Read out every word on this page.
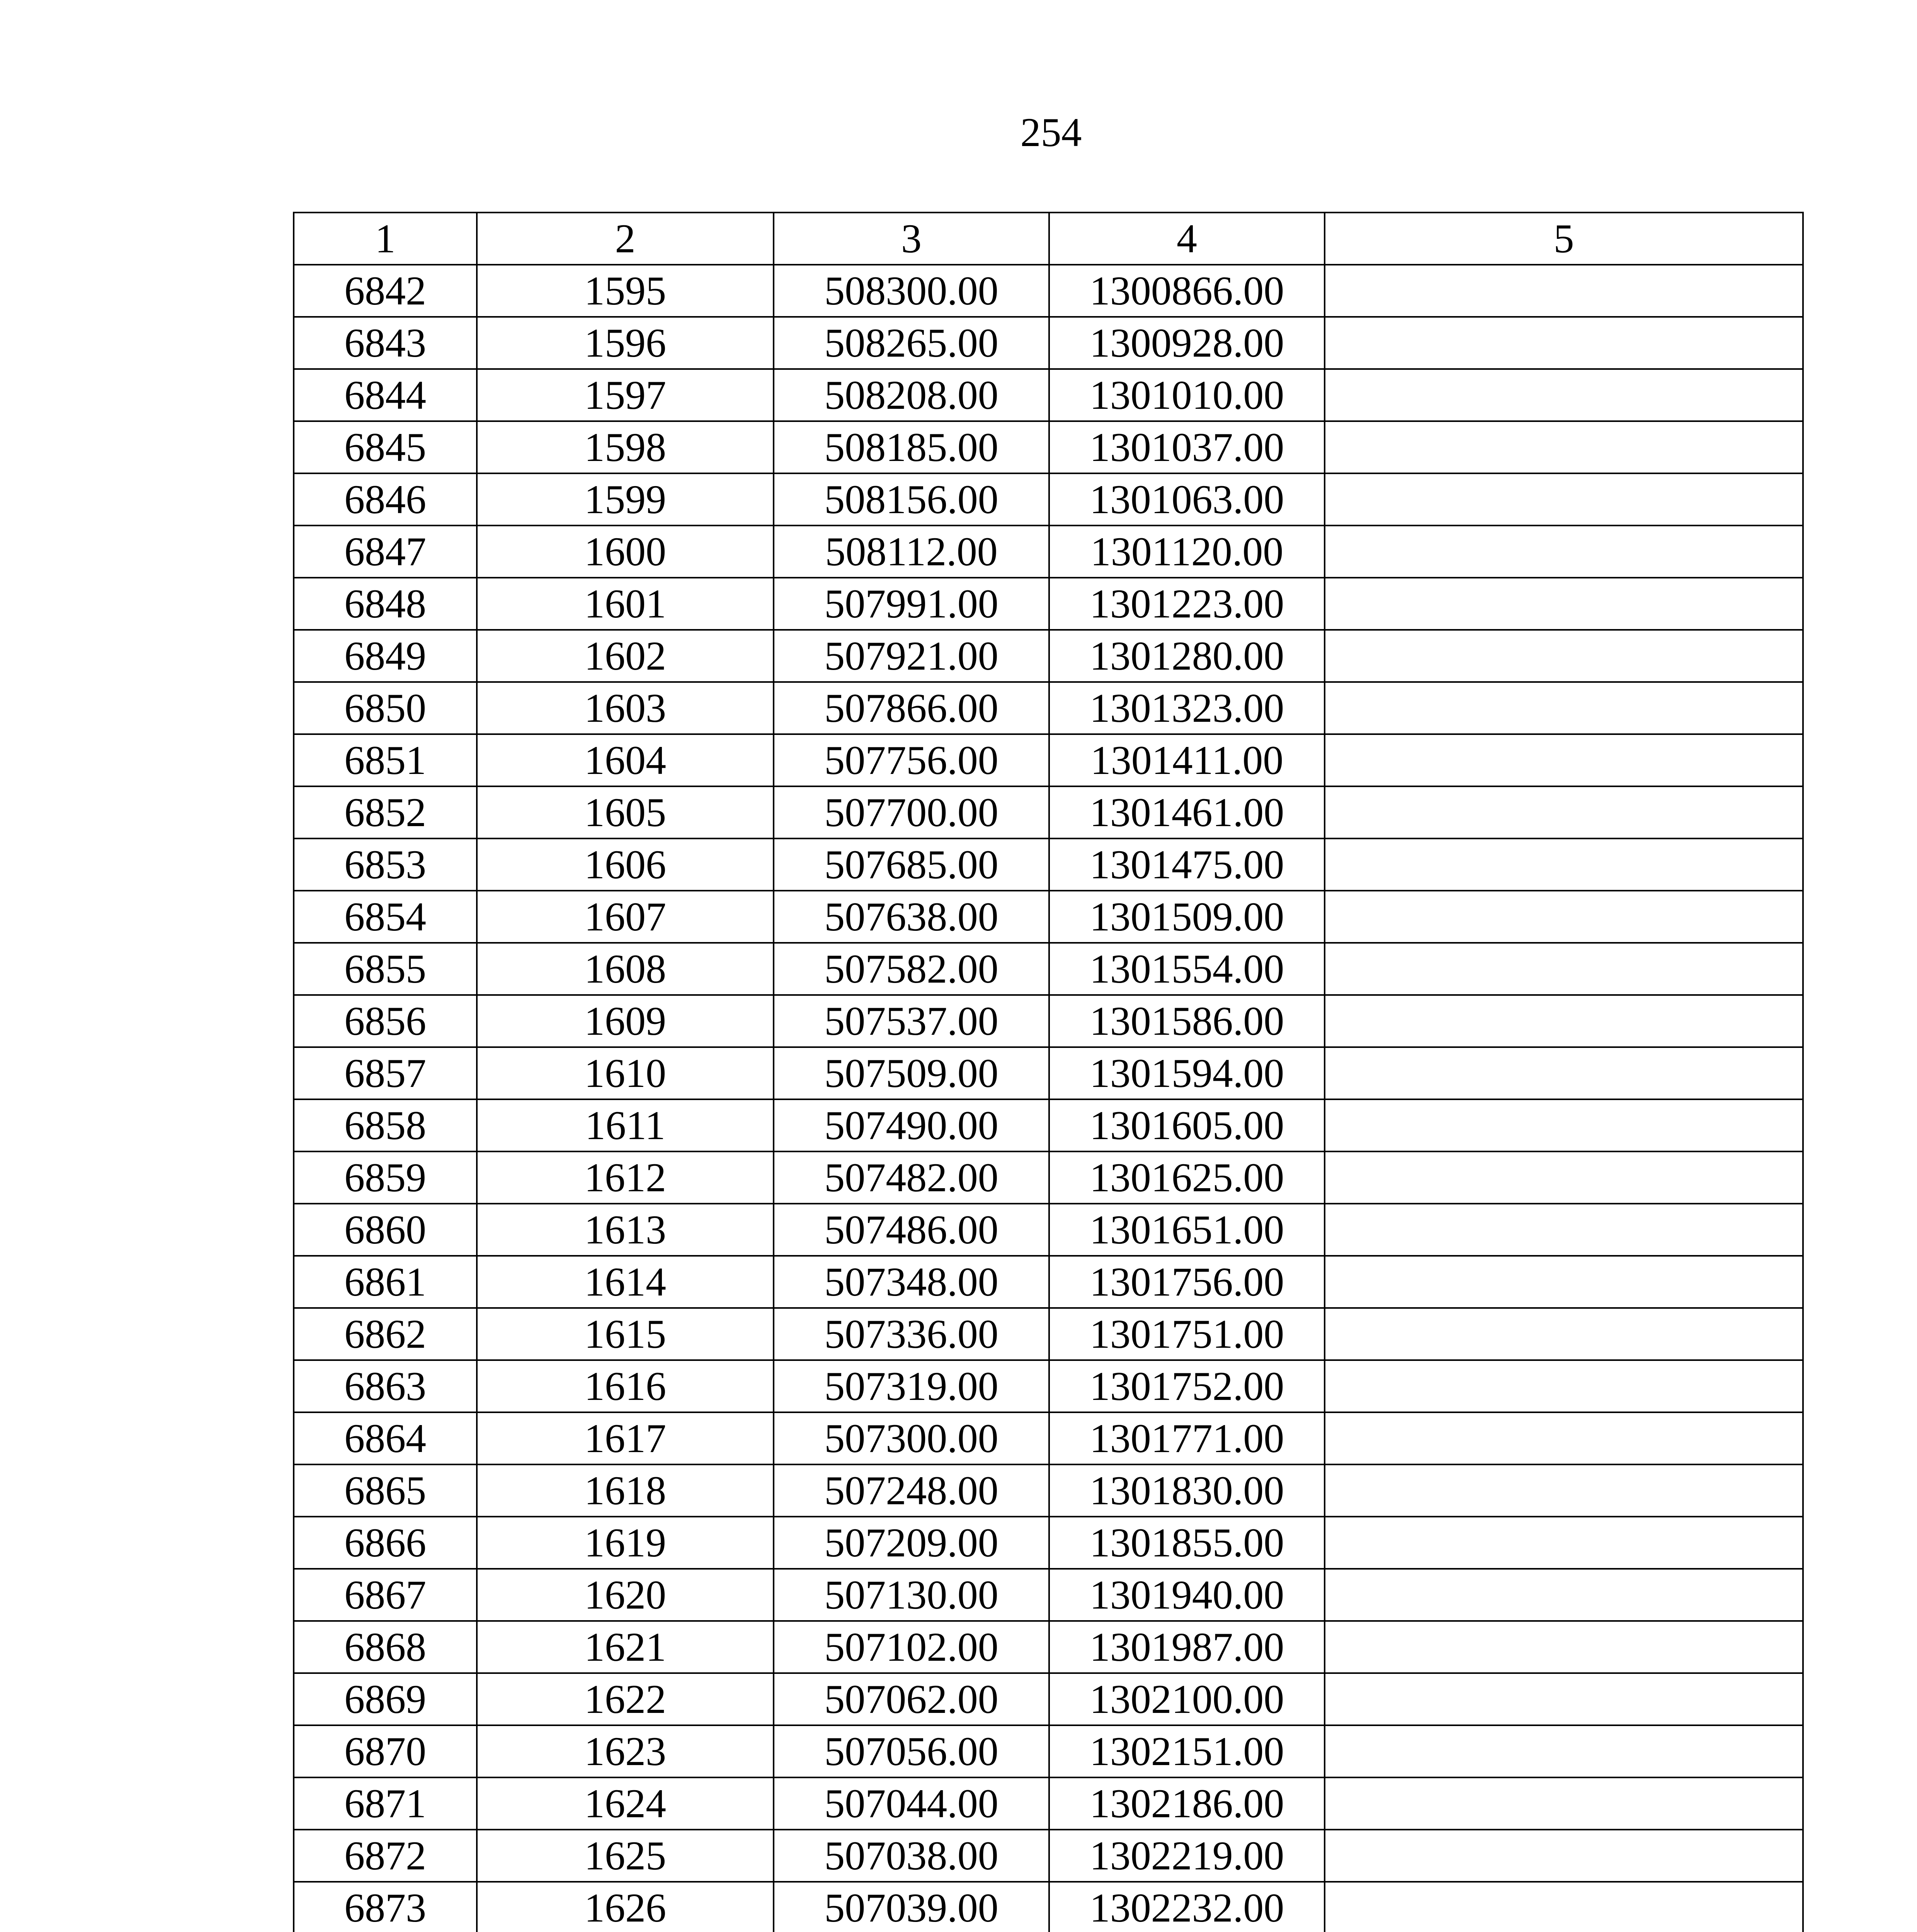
254
1	2	3	4	5
6842	1595	508300.00	1300866.00	
6843	1596	508265.00	1300928.00	
6844	1597	508208.00	1301010.00	
6845	1598	508185.00	1301037.00	
6846	1599	508156.00	1301063.00	
6847	1600	508112.00	1301120.00	
6848	1601	507991.00	1301223.00	
6849	1602	507921.00	1301280.00	
6850	1603	507866.00	1301323.00	
6851	1604	507756.00	1301411.00	
6852	1605	507700.00	1301461.00	
6853	1606	507685.00	1301475.00	
6854	1607	507638.00	1301509.00	
6855	1608	507582.00	1301554.00	
6856	1609	507537.00	1301586.00	
6857	1610	507509.00	1301594.00	
6858	1611	507490.00	1301605.00	
6859	1612	507482.00	1301625.00	
6860	1613	507486.00	1301651.00	
6861	1614	507348.00	1301756.00	
6862	1615	507336.00	1301751.00	
6863	1616	507319.00	1301752.00	
6864	1617	507300.00	1301771.00	
6865	1618	507248.00	1301830.00	
6866	1619	507209.00	1301855.00	
6867	1620	507130.00	1301940.00	
6868	1621	507102.00	1301987.00	
6869	1622	507062.00	1302100.00	
6870	1623	507056.00	1302151.00	
6871	1624	507044.00	1302186.00	
6872	1625	507038.00	1302219.00	
6873	1626	507039.00	1302232.00	
